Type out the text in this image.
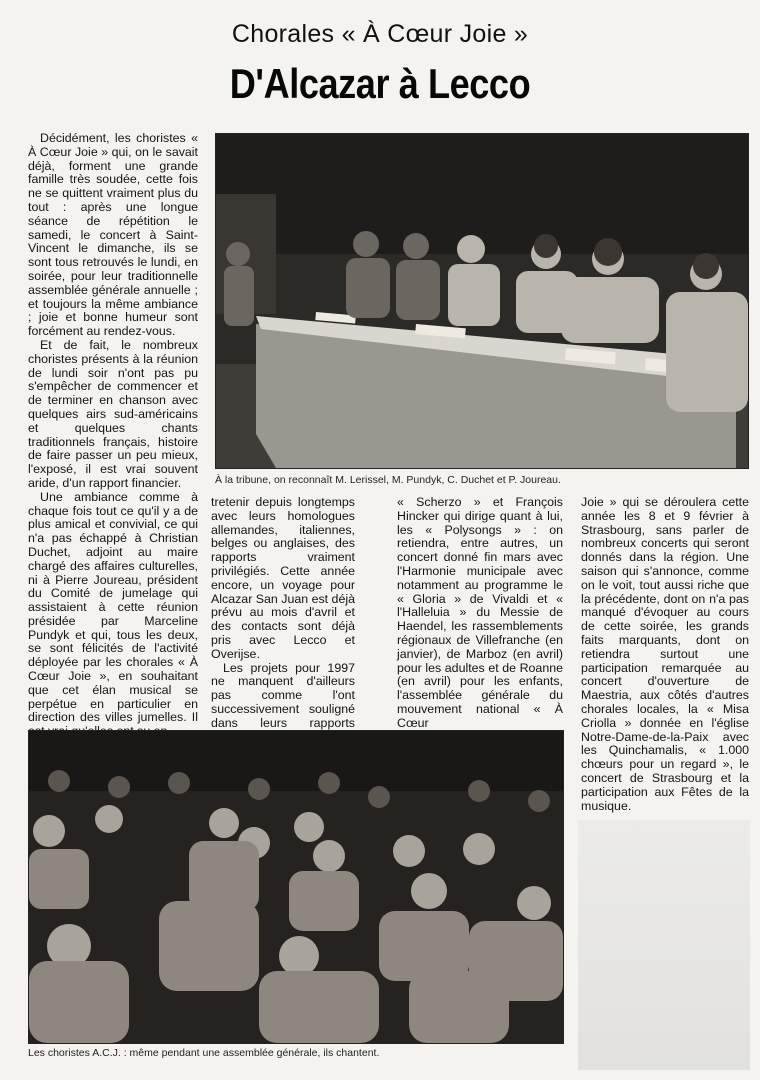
Chorales « À Cœur Joie »
D'Alcazar à Lecco

Décidément, les choristes « À Cœur Joie » qui, on le savait déjà, forment une grande famille très soudée, cette fois ne se quittent vraiment plus du tout : après une longue séance de répétition le samedi, le concert à Saint-Vincent le dimanche, ils se sont tous retrouvés le lundi, en soirée, pour leur traditionnelle assemblée générale annuelle ; et toujours la même ambiance ; joie et bonne humeur sont forcément au rendez-vous.

Et de fait, le nombreux choristes présents à la réunion de lundi soir n'ont pas pu s'empêcher de commencer et de terminer en chanson avec quelques airs sud-américains et quelques chants traditionnels français, histoire de faire passer un peu mieux, l'exposé, il est vrai souvent aride, d'un rapport financier.

Une ambiance comme à chaque fois tout ce qu'il y a de plus amical et convivial, ce qui n'a pas échappé à Christian Duchet, adjoint au maire chargé des affaires culturelles, ni à Pierre Joureau, président du Comité de jumelage qui assistaient à cette réunion présidée par Marceline Pundyk et qui, tous les deux, se sont félicités de l'activité déployée par les chorales « À Cœur Joie », en souhaitant que cet élan musical se perpétue en particulier en direction des villes jumelles. Il

À la tribune, on reconnaît M. Lerissel, M. Pundyk, C. Duchet et P. Joureau.

tretenir depuis longtemps avec leurs homologues allemandes, italiennes, belges ou anglaises, des rapports vraiment privilégiés. Cette année encore, un voyage pour Alcazar San Juan est déjà prévu au mois d'avril et des contacts sont déjà pris avec Lecco et Overijse.

Les projets pour 1997 ne manquent d'ailleurs pas comme l'ont successivement souligné dans leurs rapports

« Scherzo » et François Hincker qui dirige quant à lui, les « Polysongs » : on retiendra, entre autres, un concert donné fin mars avec l'Harmonie municipale avec notamment au programme le « Gloria » de Vivaldi et « l'Halleluia » du Messie de Haendel, les rassemblements régionaux de Villefranche (en janvier), de Marboz (en avril) pour les adultes et de Roanne (en avril) pour les enfants, l'assemblée générale du mouvement national « À Cœur

Joie » qui se déroulera cette année les 8 et 9 février à Strasbourg, sans parler de nombreux concerts qui seront donnés dans la région. Une saison qui s'annonce, comme on le voit, tout aussi riche que la précédente, dont on n'a pas manqué d'évoquer au cours de cette soirée, les grands faits marquants, dont on retiendra surtout une participation remarquée au concert d'ouverture de Maestria, aux côtés d'autres chorales locales, la « Misa Criolla » donnée en l'église Notre-Dame-de-la-Paix avec les Quinchamalis, « 1.000 chœurs pour un regard », le concert de Strasbourg et la participation aux Fêtes de la musique.

Les choristes A.C.J. : même pendant une assemblée générale, ils chantent.
